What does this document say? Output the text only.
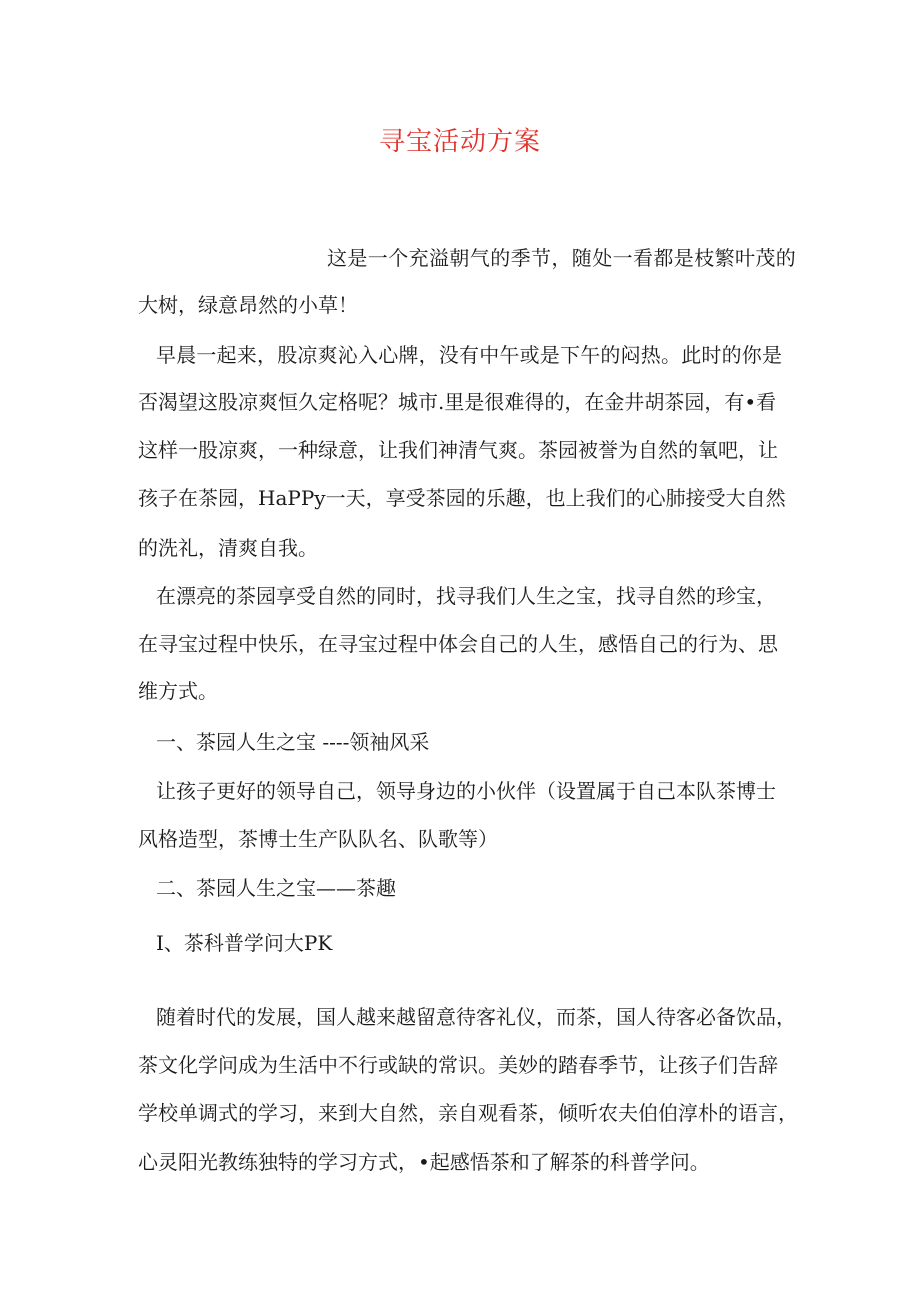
寻宝活动方案
这是一个充溢朝气的季节，随处一看都是枝繁叶茂的
大树，绿意昂然的小草！
早晨一起来，股凉爽沁入心牌，没有中午或是下午的闷热。此时的你是
否渴望这股凉爽恒久定格呢？城市.里是很难得的，在金井胡茶园，有•看
这样一股凉爽，一种绿意，让我们神清气爽。茶园被誉为自然的氧吧，让
孩子在茶园，HaPPy一天，享受茶园的乐趣，也上我们的心肺接受大自然
的洗礼，清爽自我。
在漂亮的茶园享受自然的同时，找寻我们人生之宝，找寻自然的珍宝，
在寻宝过程中快乐，在寻宝过程中体会自己的人生，感悟自己的行为、思
维方式。
一、茶园人生之宝 ----领袖风采
让孩子更好的领导自己，领导身边的小伙伴（设置属于自己本队茶博士
风格造型，茶博士生产队队名、队歌等）
二、茶园人生之宝——茶趣
I、茶科普学问大PK
随着时代的发展，国人越来越留意待客礼仪，而茶，国人待客必备饮品，
茶文化学问成为生活中不行或缺的常识。美妙的踏春季节，让孩子们告辞
学校单调式的学习，来到大自然，亲自观看茶，倾听农夫伯伯淳朴的语言，
心灵阳光教练独特的学习方式，•起感悟茶和了解茶的科普学问。
